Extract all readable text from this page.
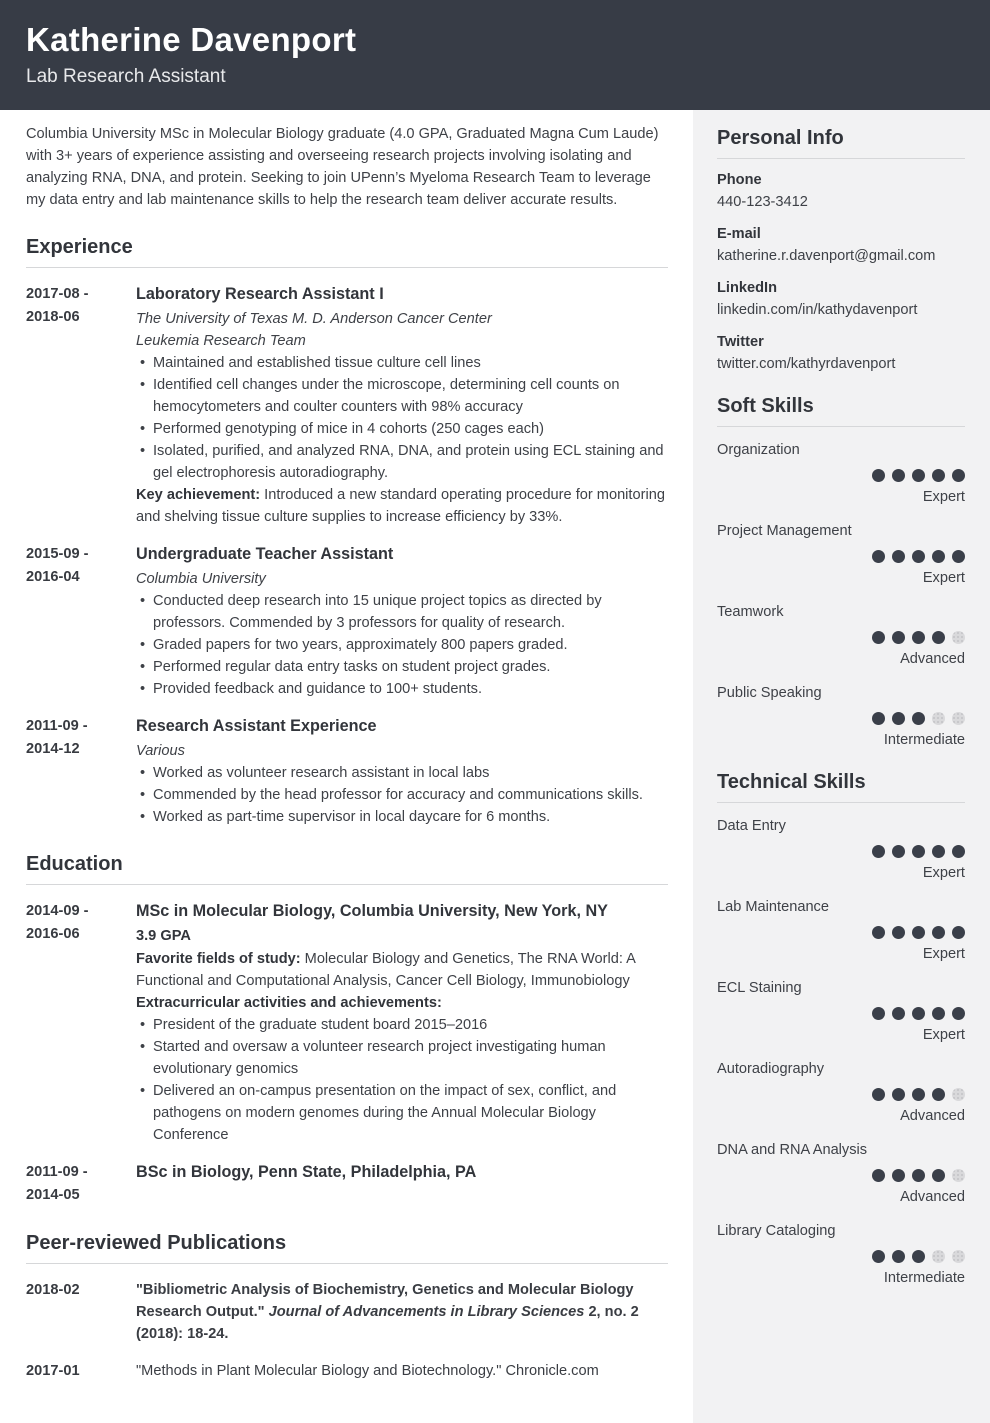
Katherine Davenport
Lab Research Assistant

Columbia University MSc in Molecular Biology graduate (4.0 GPA, Graduated Magna Cum Laude) with 3+ years of experience assisting and overseeing research projects involving isolating and analyzing RNA, DNA, and protein. Seeking to join UPenn’s Myeloma Research Team to leverage my data entry and lab maintenance skills to help the research team deliver accurate results.

Experience
2017-08 -
2018-06
Laboratory Research Assistant I
The University of Texas M. D. Anderson Cancer Center
Leukemia Research Team
• Maintained and established tissue culture cell lines
• Identified cell changes under the microscope, determining cell counts on hemocytometers and coulter counters with 98% accuracy
• Performed genotyping of mice in 4 cohorts (250 cages each)
• Isolated, purified, and analyzed RNA, DNA, and protein using ECL staining and gel electrophoresis autoradiography.

Key achievement: Introduced a new standard operating procedure for monitoring and shelving tissue culture supplies to increase efficiency by 33%.

2015-09 -
2016-04
Undergraduate Teacher Assistant
Columbia University
• Conducted deep research into 15 unique project topics as directed by professors. Commended by 3 professors for quality of research.
• Graded papers for two years, approximately 800 papers graded.
• Performed regular data entry tasks on student project grades.
• Provided feedback and guidance to 100+ students.
2011-09 -
2014-12
Research Assistant Experience
Various
• Worked as volunteer research assistant in local labs
• Commended by the head professor for accuracy and communications skills.
• Worked as part-time supervisor in local daycare for 6 months.
Education
2014-09 -
2016-06
MSc in Molecular Biology, Columbia University, New York, NY
3.9 GPA

Favorite fields of study: Molecular Biology and Genetics, The RNA World: A Functional and Computational Analysis, Cancer Cell Biology, Immunobiology

Extracurricular activities and achievements:

• President of the graduate student board 2015–2016
• Started and oversaw a volunteer research project investigating human evolutionary genomics
• Delivered an on-campus presentation on the impact of sex, conflict, and pathogens on modern genomes during the Annual Molecular Biology Conference
2011-09 -
2014-05
BSc in Biology, Penn State, Philadelphia, PA
Peer-reviewed Publications
2018-02	"Bibliometric Analysis of Biochemistry, Genetics and Molecular Biology Research Output." Journal of Advancements in Library Sciences 2, no. 2 (2018): 18-24.
2017-01	"Methods in Plant Molecular Biology and Biotechnology." Chronicle.com
Personal Info
Phone
440-123-3412
E-mail
katherine.r.davenport@gmail.com
LinkedIn
linkedin.com/in/kathydavenport
Twitter
twitter.com/kathyrdavenport
Soft Skills
Organization
Expert
Project Management
Expert
Teamwork
Advanced
Public Speaking
Intermediate
Technical Skills
Data Entry
Expert
Lab Maintenance
Expert
ECL Staining
Expert
Autoradiography
Advanced
DNA and RNA Analysis
Advanced
Library Cataloging
Intermediate
